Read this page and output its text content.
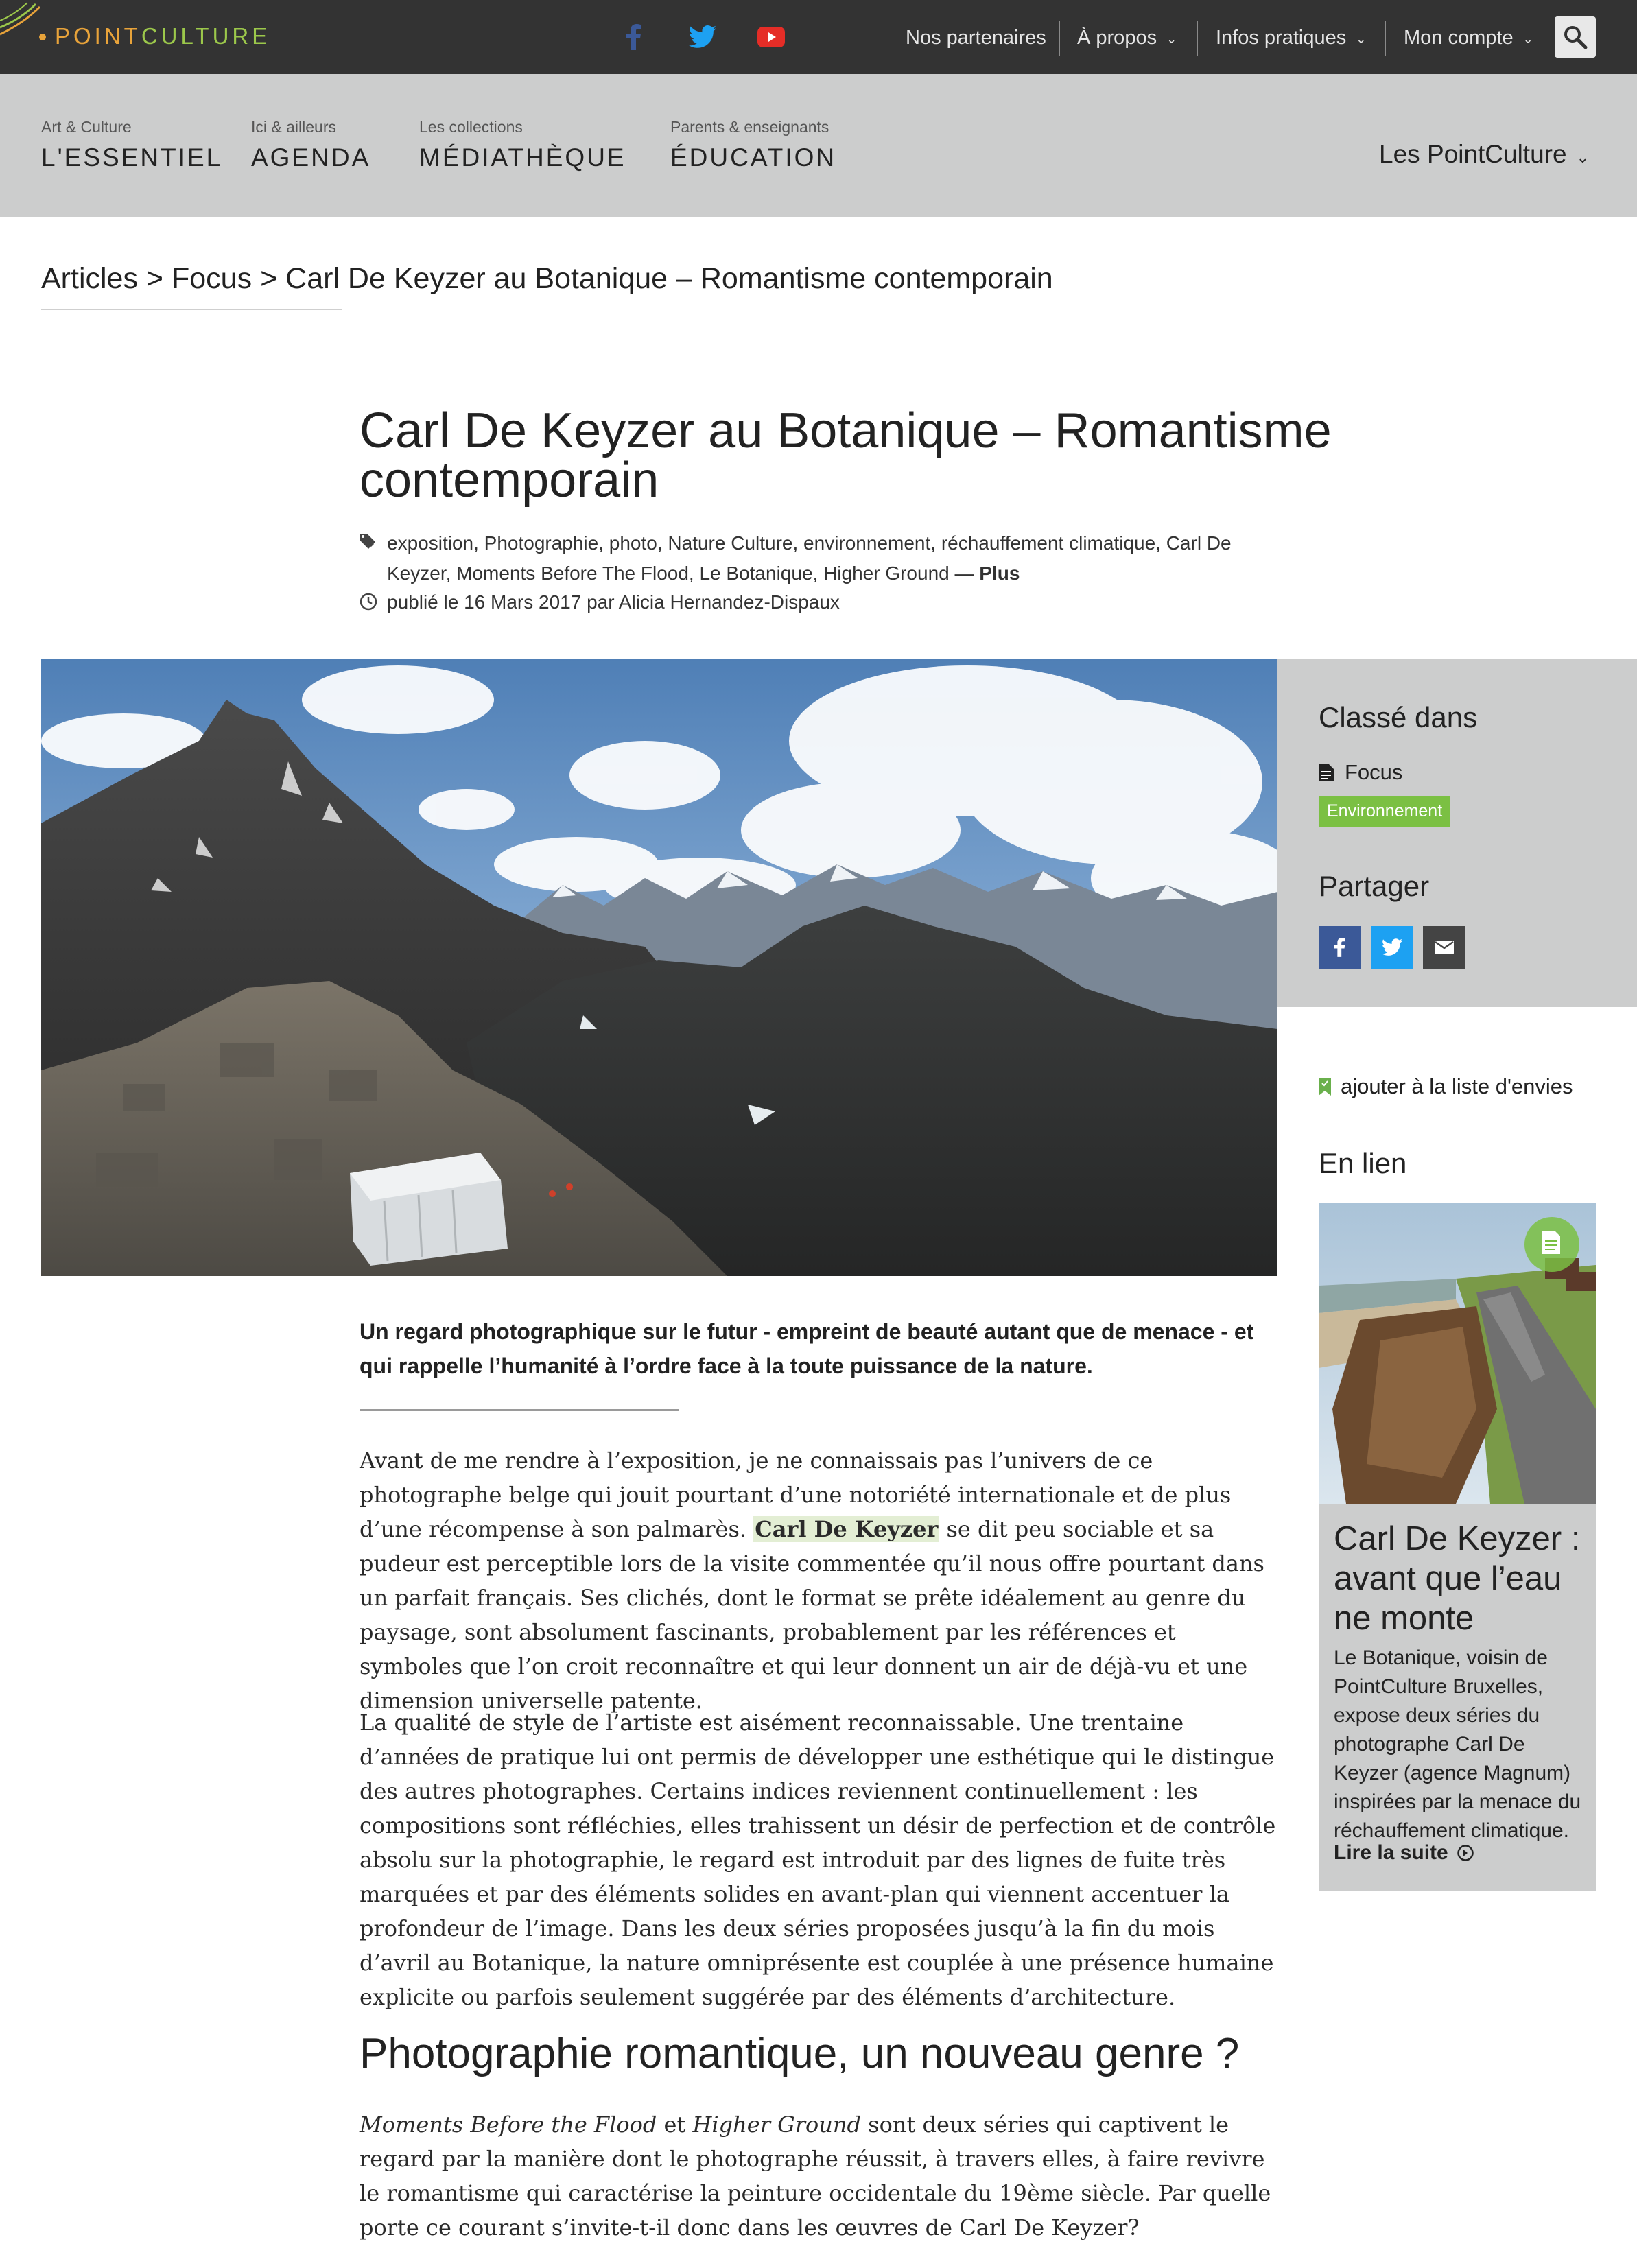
POINTCULTURE	Nos partenaires À propos ⌄ Infos pratiques ⌄ Mon compte ⌄
Art & Culture
L'ESSENTIEL
Ici & ailleurs
AGENDA
Les collections
MÉDIATHÈQUE
Parents & enseignants
ÉDUCATION	Les PointCulture ⌄
Articles > Focus > Carl De Keyzer au Botanique – Romantisme contemporain
Carl De Keyzer au Botanique – Romantisme contemporain
exposition, Photographie, photo, Nature Culture, environnement, réchauffement climatique, Carl De Keyzer, Moments Before The Flood, Le Botanique, Higher Ground — Plus
publié le 16 Mars 2017 par Alicia Hernandez-Dispaux
Classé dans
Focus
Environnement
Partager
ajouter à la liste d'envies
En lien
Carl De Keyzer : avant que l’eau ne monte
Le Botanique, voisin de PointCulture Bruxelles, expose deux séries du photographe Carl De Keyzer (agence Magnum) inspirées par la menace du réchauffement climatique.
Lire la suite
Un regard photographique sur le futur - empreint de beauté autant que de menace - et qui rappelle l’humanité à l’ordre face à la toute puissance de la nature.

Avant de me rendre à l’exposition, je ne connaissais pas l’univers de ce photographe belge qui jouit pourtant d’une notoriété internationale et de plus d’une récompense à son palmarès. Carl De Keyzer se dit peu sociable et sa pudeur est perceptible lors de la visite commentée qu’il nous offre pourtant dans un parfait français. Ses clichés, dont le format se prête idéalement au genre du paysage, sont absolument fascinants, probablement par les références et symboles que l’on croit reconnaître et qui leur donnent un air de déjà-vu et une dimension universelle patente.

La qualité de style de l’artiste est aisément reconnaissable. Une trentaine d’années de pratique lui ont permis de développer une esthétique qui le distingue des autres photographes. Certains indices reviennent continuellement : les compositions sont réfléchies, elles trahissent un désir de perfection et de contrôle absolu sur la photographie, le regard est introduit par des lignes de fuite très marquées et par des éléments solides en avant-plan qui viennent accentuer la profondeur de l’image. Dans les deux séries proposées jusqu’à la fin du mois d’avril au Botanique, la nature omniprésente est couplée à une présence humaine explicite ou parfois seulement suggérée par des éléments d’architecture.

Photographie romantique, un nouveau genre ?

Moments Before the Flood et Higher Ground sont deux séries qui captivent le regard par la manière dont le photographe réussit, à travers elles, à faire revivre le romantisme qui caractérise la peinture occidentale du 19ème siècle. Par quelle porte ce courant s’invite-t-il donc dans les œuvres de Carl De Keyzer?
